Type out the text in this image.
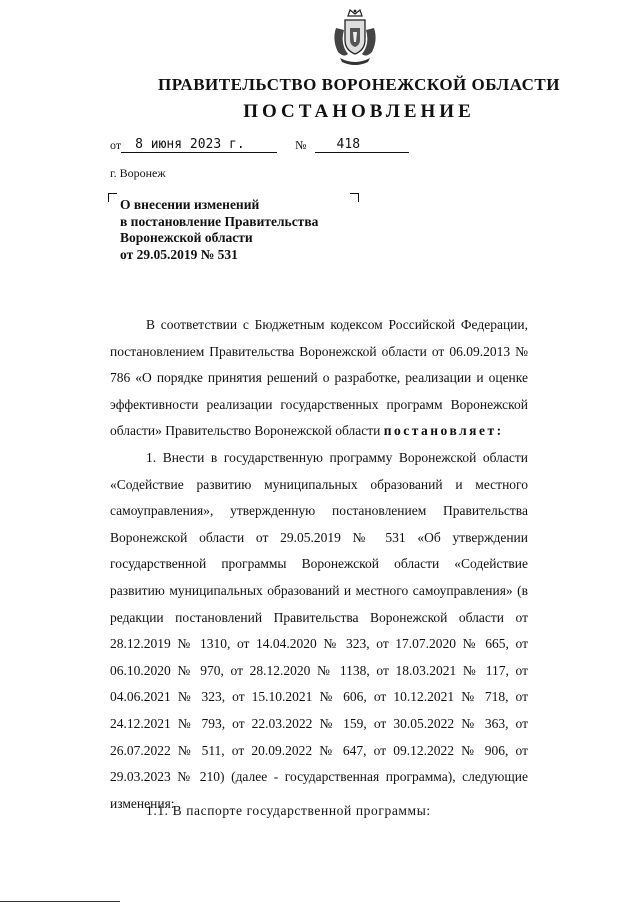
ПРАВИТЕЛЬСТВО ВОРОНЕЖСКОЙ ОБЛАСТИ
ПОСТАНОВЛЕНИЕ
от	8 июня 2023 г.	№	418
г. Воронеж
О внесении изменений
в постановление Правительства
Воронежской области
от 29.05.2019 № 531

В соответствии с Бюджетным кодексом Российской Федерации, постановлением Правительства Воронежской области от 06.09.2013 № 786 «О порядке принятия решений о разработке, реализации и оценке эффективности реализации государственных программ Воронежской области» Правительство Воронежской области постановляет:

1. Внести в государственную программу Воронежской области «Содействие развитию муниципальных образований и местного самоуправления», утвержденную постановлением Правительства Воронежской области от 29.05.2019 № 531 «Об утверждении государственной программы Воронежской области «Содействие развитию муниципальных образований и местного самоуправления» (в редакции постановлений Правительства Воронежской области от 28.12.2019 № 1310, от 14.04.2020 № 323, от 17.07.2020 № 665, от 06.10.2020 № 970, от 28.12.2020 № 1138, от 18.03.2021 № 117, от 04.06.2021 № 323, от 15.10.2021 № 606, от 10.12.2021 № 718, от 24.12.2021 № 793, от 22.03.2022 № 159, от 30.05.2022 № 363, от 26.07.2022 № 511, от 20.09.2022 № 647, от 09.12.2022 № 906, от 29.03.2023 № 210) (далее - государственная программа), следующие изменения:

1.1. В паспорте государственной программы:
